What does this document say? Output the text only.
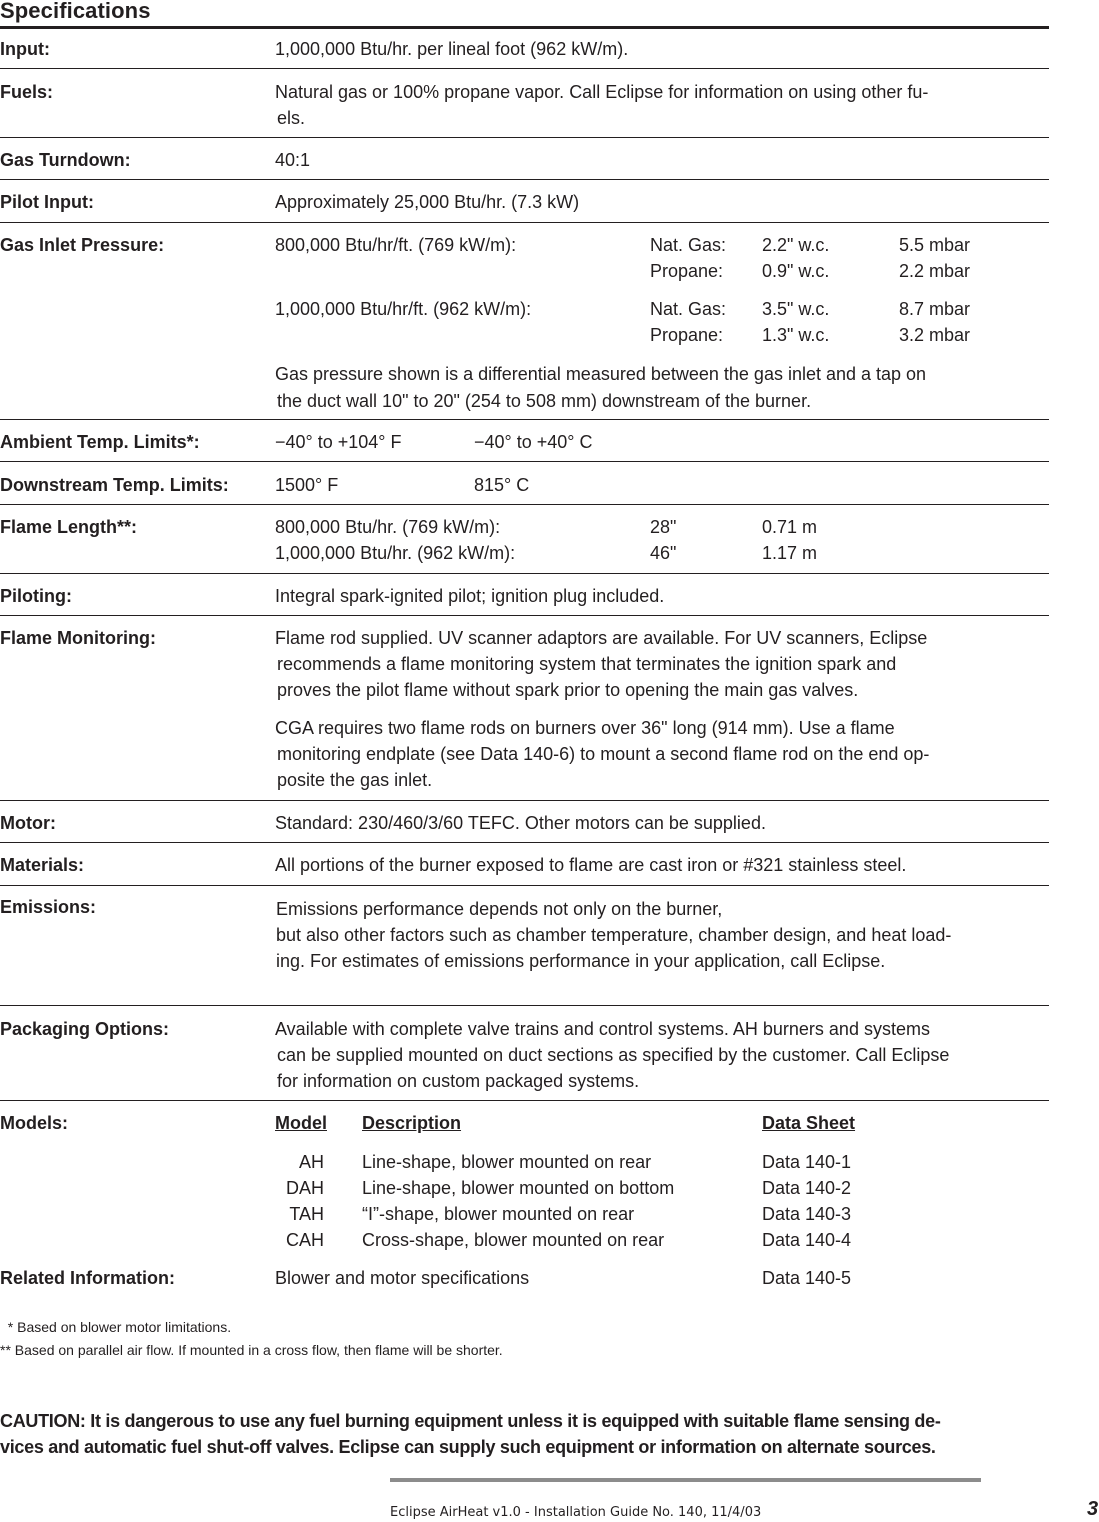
Specifications
Input:	1,000,000 Btu/hr. per lineal foot (962 kW/m).
Fuels:	Natural gas or 100% propane vapor. Call Eclipse for information on using other fu-
els.
Gas Turndown:	40:1
Pilot Input:	Approximately 25,000 Btu/hr. (7.3 kW)
Gas Inlet Pressure:	800,000 Btu/hr/ft. (769 kW/m):	Nat. Gas: 2.2" w.c.	5.5 mbar
Propane: 0.9" w.c.	2.2 mbar
1,000,000 Btu/hr/ft. (962 kW/m):	Nat. Gas: 3.5" w.c.	8.7 mbar
Propane: 1.3" w.c.	3.2 mbar
Gas pressure shown is a differential measured between the gas inlet and a tap on
the duct wall 10" to 20" (254 to 508 mm) downstream of the burner.
Ambient Temp. Limits*:	−40° to +104° F	−40° to +40° C
Downstream Temp. Limits:	1500° F	815° C
Flame Length**:	800,000 Btu/hr. (769 kW/m):	28"	0.71 m
1,000,000 Btu/hr. (962 kW/m):	46"	1.17 m
Piloting:	Integral spark-ignited pilot; ignition plug included.
Flame Monitoring:	Flame rod supplied. UV scanner adaptors are available. For UV scanners, Eclipse
recommends a flame monitoring system that terminates the ignition spark and
proves the pilot flame without spark prior to opening the main gas valves.
CGA requires two flame rods on burners over 36" long (914 mm). Use a flame
monitoring endplate (see Data 140-6) to mount a second flame rod on the end op-
posite the gas inlet.
Motor:	Standard: 230/460/3/60 TEFC. Other motors can be supplied.
Materials:	All portions of the burner exposed to flame are cast iron or #321 stainless steel.
Emissions:	Emissions performance depends not only on the burner,
but also other factors such as chamber temperature, chamber design, and heat load-
ing. For estimates of emissions performance in your application, call Eclipse.
Packaging Options:	Available with complete valve trains and control systems. AH burners and systems
can be supplied mounted on duct sections as specified by the customer. Call Eclipse
for information on custom packaged systems.
Models:	Model Description	Data Sheet
AH Line-shape, blower mounted on rear	Data 140-1
DAH Line-shape, blower mounted on bottom	Data 140-2
TAH “I”-shape, blower mounted on rear	Data 140-3
CAH Cross-shape, blower mounted on rear	Data 140-4
Related Information:	Blower and motor specifications	Data 140-5
* Based on blower motor limitations.
** Based on parallel air flow. If mounted in a cross flow, then flame will be shorter.
CAUTION: It is dangerous to use any fuel burning equipment unless it is equipped with suitable flame sensing de-
vices and automatic fuel shut-off valves. Eclipse can supply such equipment or information on alternate sources.
Eclipse AirHeat v1.0 - Installation Guide No. 140, 11/4/03	3
